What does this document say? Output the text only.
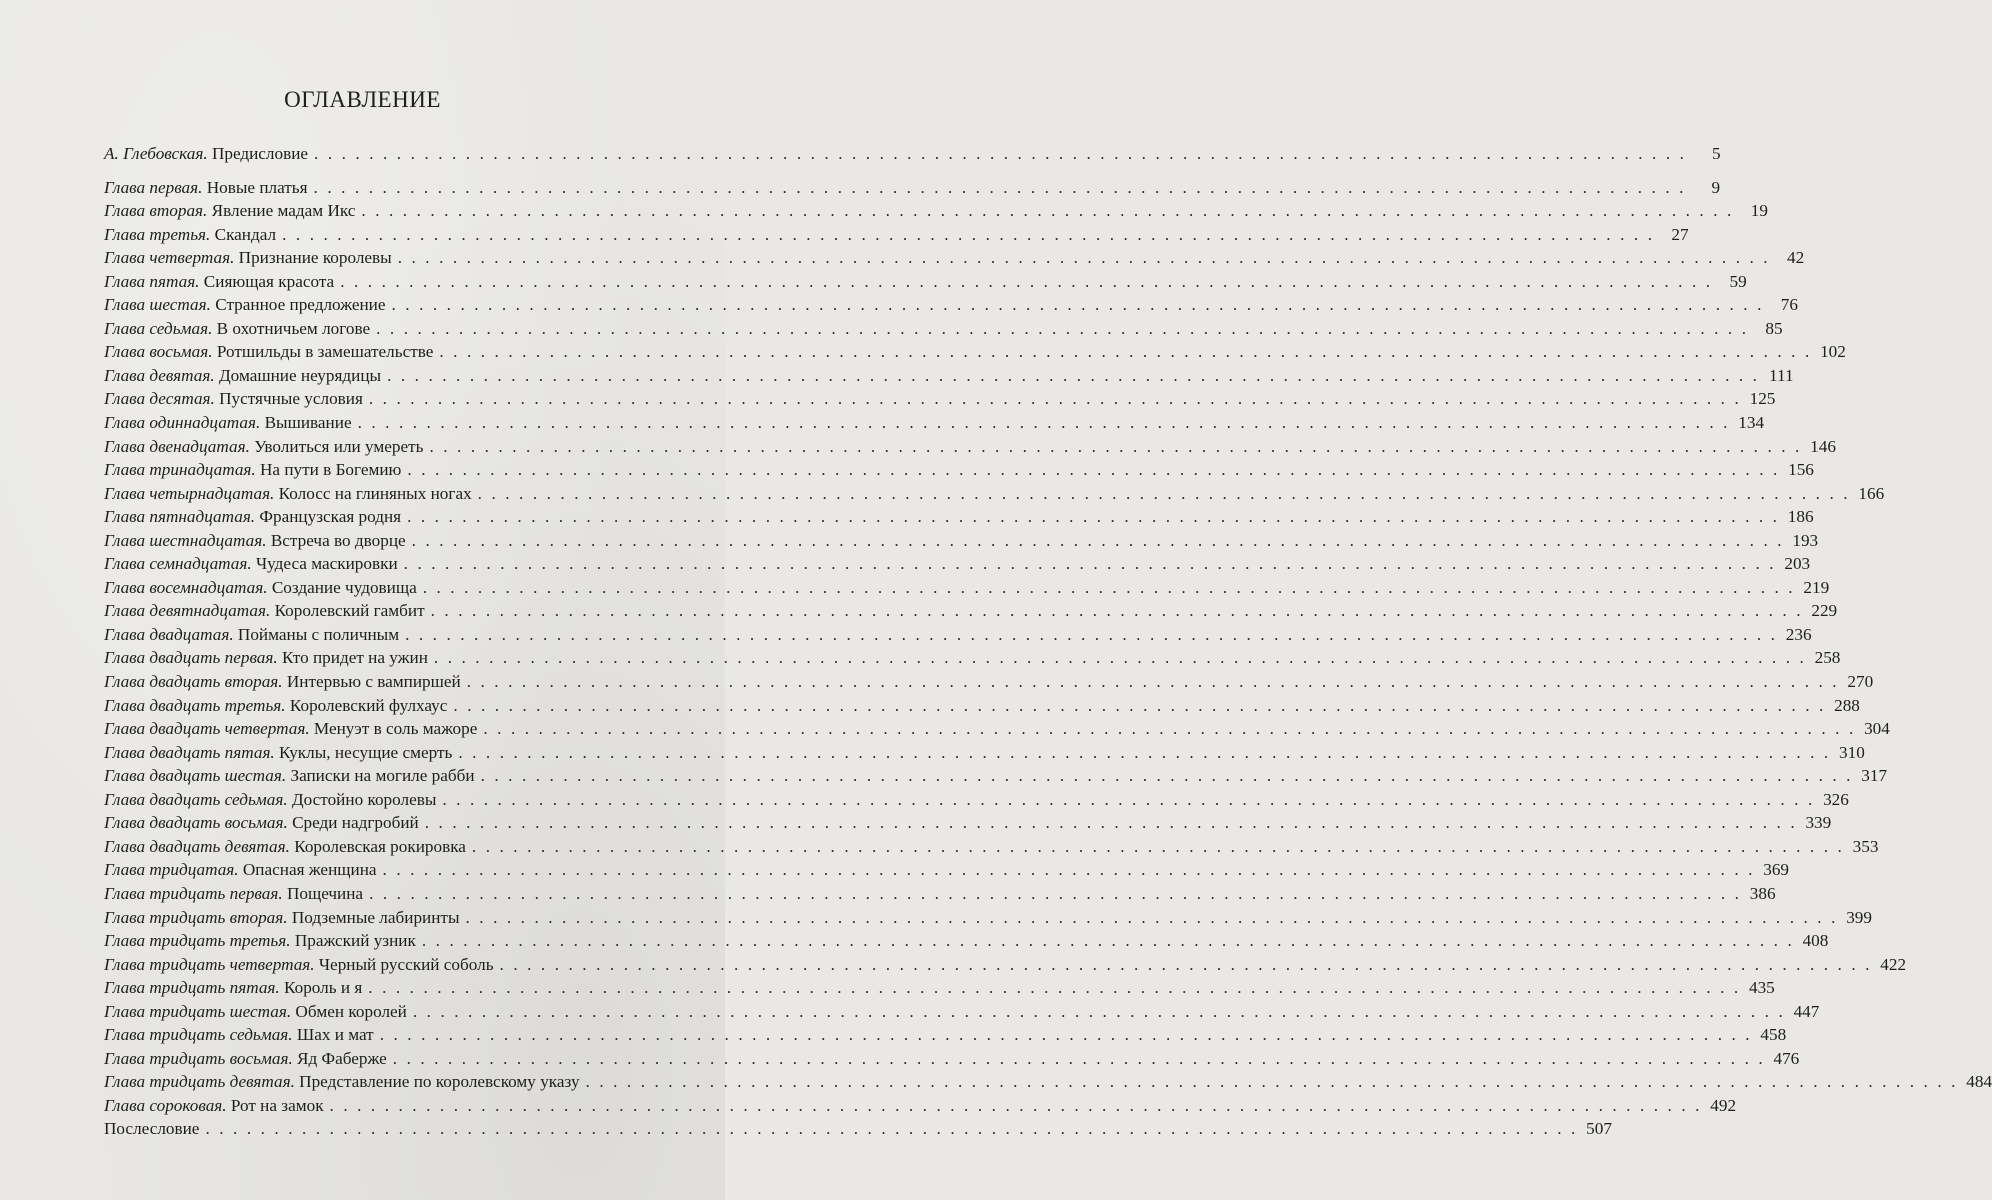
ОГЛАВЛЕНИЕ
А. Глебовская. Предисловие . . .	5
Глава первая. Новые платья . . .	9
Глава вторая. Явление мадам Икс . . .	19
Глава третья. Скандал . . .	27
Глава четвертая. Признание королевы . . .	42
Глава пятая. Сияющая красота . . .	59
Глава шестая. Странное предложение . . .	76
Глава седьмая. В охотничьем логове . . .	85
Глава восьмая. Ротшильды в замешательстве . . .	102
Глава девятая. Домашние неурядицы . . .	111
Глава десятая. Пустячные условия . . .	125
Глава одиннадцатая. Вышивание . . .	134
Глава двенадцатая. Уволиться или умереть . . .	146
Глава тринадцатая. На пути в Богемию . . .	156
Глава четырнадцатая. Колосс на глиняных ногах . . .	166
Глава пятнадцатая. Французская родня . . .	186
Глава шестнадцатая. Встреча во дворце . . .	193
Глава семнадцатая. Чудеса маскировки . . .	203
Глава восемнадцатая. Создание чудовища . . .	219
Глава девятнадцатая. Королевский гамбит . . .	229
Глава двадцатая. Пойманы с поличным . . .	236
Глава двадцать первая. Кто придет на ужин . . .	258
Глава двадцать вторая. Интервью с вампиршей . . .	270
Глава двадцать третья. Королевский фулхаус . . .	288
Глава двадцать четвертая. Менуэт в соль мажоре . . .	304
Глава двадцать пятая. Куклы, несущие смерть . . .	310
Глава двадцать шестая. Записки на могиле рабби . . .	317
Глава двадцать седьмая. Достойно королевы . . .	326
Глава двадцать восьмая. Среди надгробий . . .	339
Глава двадцать девятая. Королевская рокировка . . .	353
Глава тридцатая. Опасная женщина . . .	369
Глава тридцать первая. Пощечина . . .	386
Глава тридцать вторая. Подземные лабиринты . . .	399
Глава тридцать третья. Пражский узник . . .	408
Глава тридцать четвертая. Черный русский соболь . . .	422
Глава тридцать пятая. Король и я . . .	435
Глава тридцать шестая. Обмен королей . . .	447
Глава тридцать седьмая. Шах и мат . . .	458
Глава тридцать восьмая. Яд Фаберже . . .	476
Глава тридцать девятая. Представление по королевскому указу . . .	484
Глава сороковая. Рот на замок . . .	492
Послесловие . . .	507
